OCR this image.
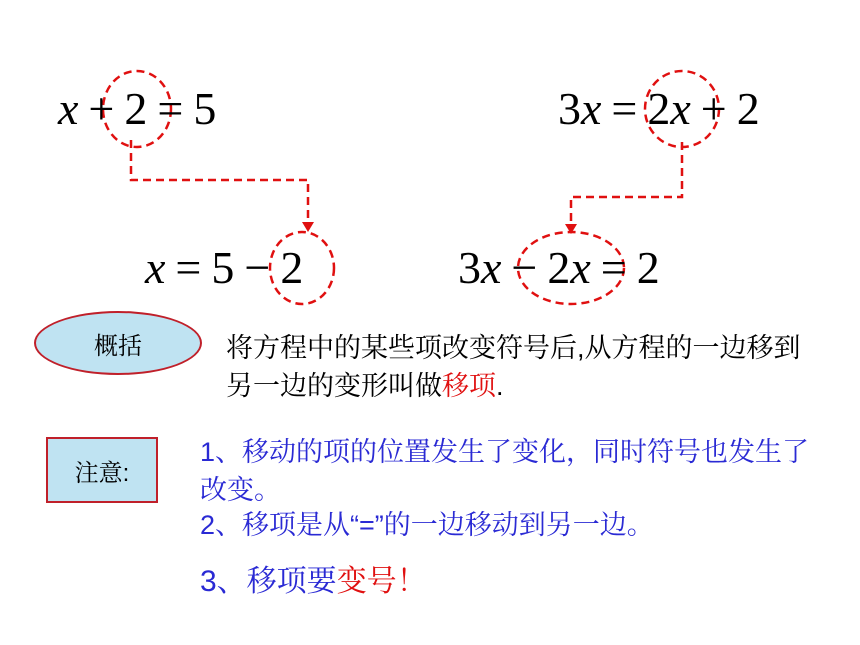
x + 2 = 5	3x = 2x + 2
x = 5 − 2	3x − 2x = 2
概括	将方程中的某些项改变符号后,从方程的一边移到另一边的变形叫做移项.
注意:
1、移动的项的位置发生了变化，同时符号也发生了改变。
2、移项是从“=”的一边移动到另一边。
3、移项要变号！
